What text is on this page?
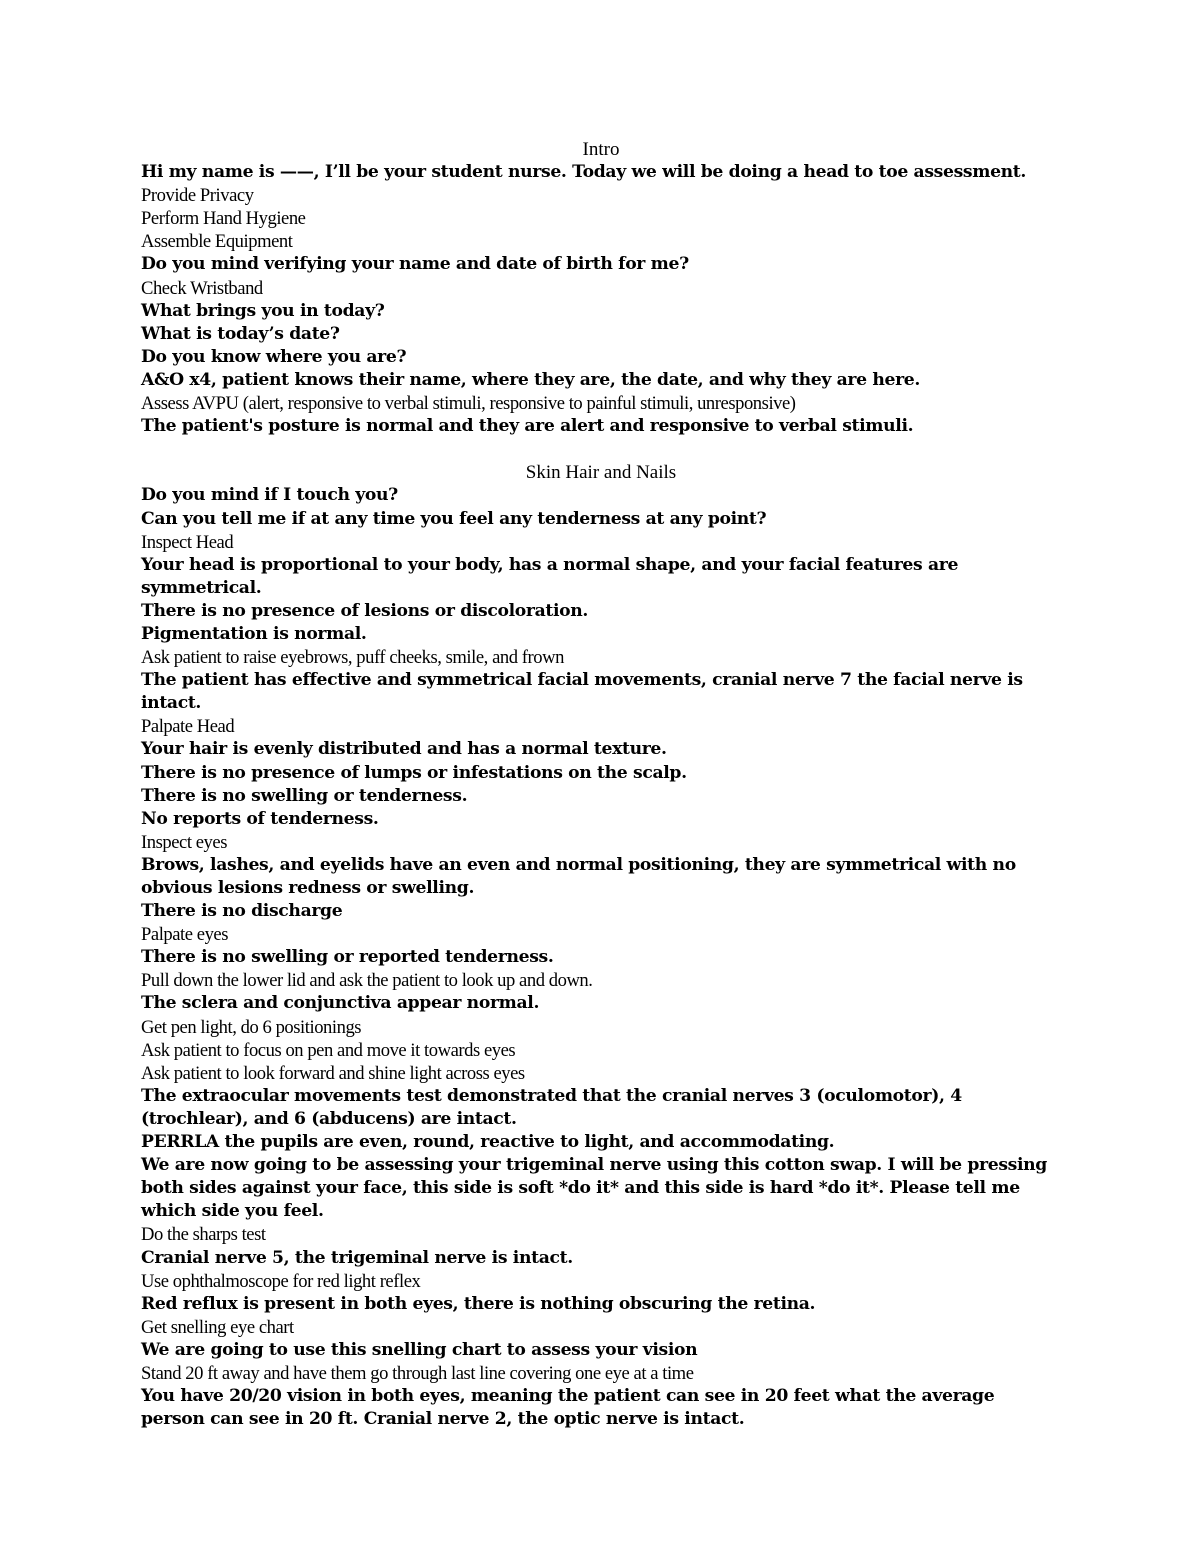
Intro

Hi my name is ——, I’ll be your student nurse. Today we will be doing a head to toe assessment.

Provide Privacy

Perform Hand Hygiene

Assemble Equipment

Do you mind verifying your name and date of birth for me?

Check Wristband

What brings you in today?

What is today’s date?

Do you know where you are?

A&O x4, patient knows their name, where they are, the date, and why they are here.

Assess AVPU (alert, responsive to verbal stimuli, responsive to painful stimuli, unresponsive)

The patient's posture is normal and they are alert and responsive to verbal stimuli.

Skin Hair and Nails

Do you mind if I touch you?

Can you tell me if at any time you feel any tenderness at any point?

Inspect Head

Your head is proportional to your body, has a normal shape, and your facial features are symmetrical.

There is no presence of lesions or discoloration.

Pigmentation is normal.

Ask patient to raise eyebrows, puff cheeks, smile, and frown

The patient has effective and symmetrical facial movements, cranial nerve 7 the facial nerve is intact.

Palpate Head

Your hair is evenly distributed and has a normal texture.

There is no presence of lumps or infestations on the scalp.

There is no swelling or tenderness.

No reports of tenderness.

Inspect eyes

Brows, lashes, and eyelids have an even and normal positioning, they are symmetrical with no obvious lesions redness or swelling.

There is no discharge

Palpate eyes

There is no swelling or reported tenderness.

Pull down the lower lid and ask the patient to look up and down.

The sclera and conjunctiva appear normal.

Get pen light, do 6 positionings

Ask patient to focus on pen and move it towards eyes

Ask patient to look forward and shine light across eyes

The extraocular movements test demonstrated that the cranial nerves 3 (oculomotor), 4 (trochlear), and 6 (abducens) are intact.

PERRLA the pupils are even, round, reactive to light, and accommodating.

We are now going to be assessing your trigeminal nerve using this cotton swap. I will be pressing both sides against your face, this side is soft *do it* and this side is hard *do it*. Please tell me which side you feel.

Do the sharps test

Cranial nerve 5, the trigeminal nerve is intact.

Use ophthalmoscope for red light reflex

Red reflux is present in both eyes, there is nothing obscuring the retina.

Get snelling eye chart

We are going to use this snelling chart to assess your vision

Stand 20 ft away and have them go through last line covering one eye at a time

You have 20/20 vision in both eyes, meaning the patient can see in 20 feet what the average person can see in 20 ft. Cranial nerve 2, the optic nerve is intact.
